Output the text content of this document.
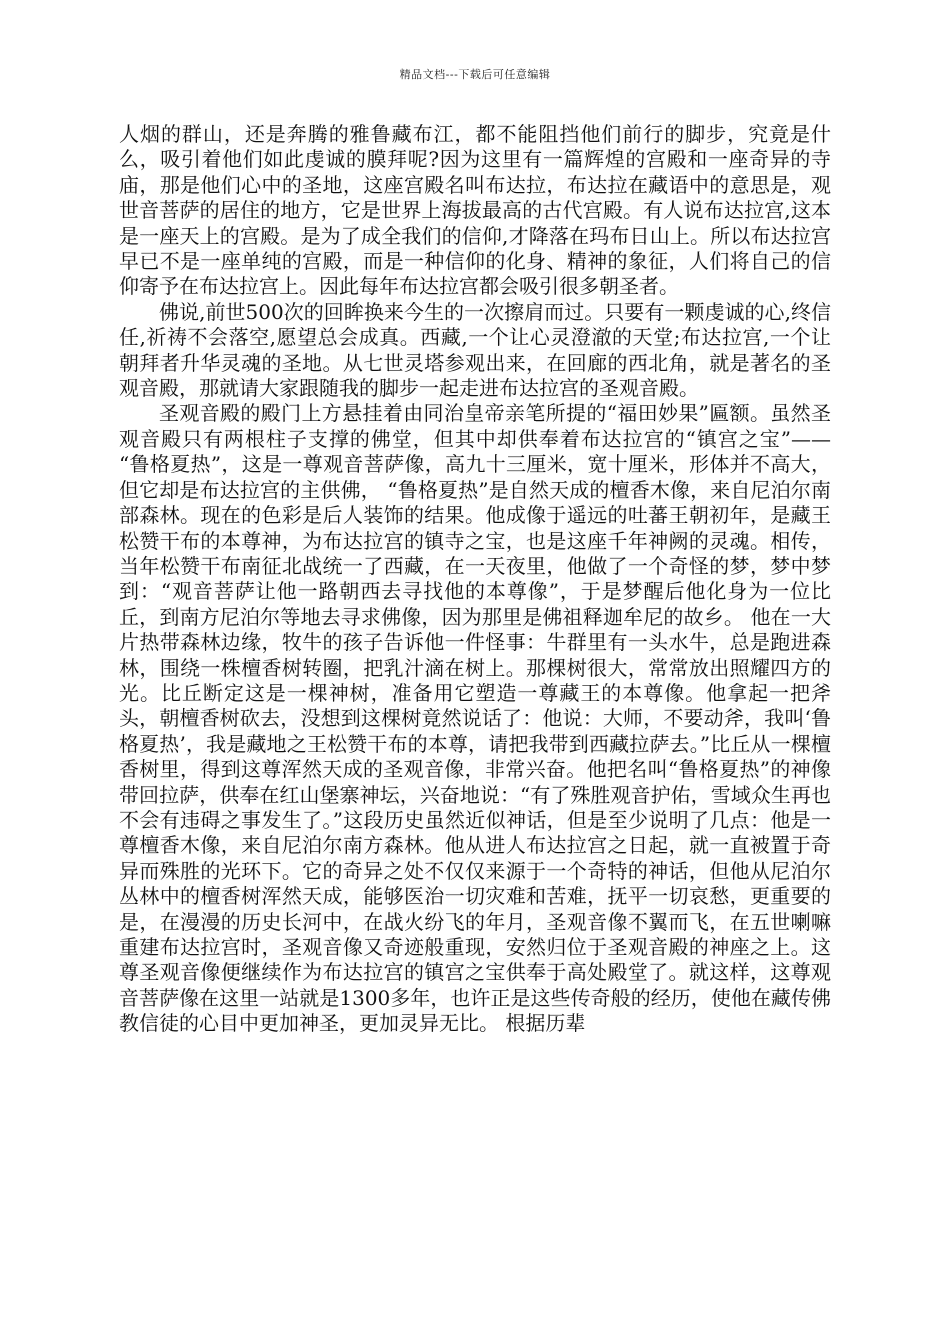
精品文档---下载后可任意编辑

人烟的群山，还是奔腾的雅鲁藏布江，都不能阻挡他们前行的脚步，究竟是什么，吸引着他们如此虔诚的膜拜呢?因为这里有一篇辉煌的宫殿和一座奇异的寺庙，那是他们心中的圣地，这座宫殿名叫布达拉，布达拉在藏语中的意思是，观世音菩萨的居住的地方，它是世界上海拔最高的古代宫殿。有人说布达拉宫,这本是一座天上的宫殿。是为了成全我们的信仰,才降落在玛布日山上。所以布达拉宫早已不是一座单纯的宫殿，而是一种信仰的化身、精神的象征，人们将自己的信仰寄予在布达拉宫上。因此每年布达拉宫都会吸引很多朝圣者。

佛说,前世500次的回眸换来今生的一次擦肩而过。只要有一颗虔诚的心,终信任,祈祷不会落空,愿望总会成真。西藏,一个让心灵澄澈的天堂;布达拉宫,一个让朝拜者升华灵魂的圣地。从七世灵塔参观出来，在回廊的西北角，就是著名的圣观音殿，那就请大家跟随我的脚步一起走进布达拉宫的圣观音殿。

圣观音殿的殿门上方悬挂着由同治皇帝亲笔所提的“福田妙果”匾额。虽然圣观音殿只有两根柱子支撑的佛堂，但其中却供奉着布达拉宫的“镇宫之宝”—— “鲁格夏热”，这是一尊观音菩萨像，高九十三厘米，宽十厘米，形体并不高大，但它却是布达拉宫的主供佛， “鲁格夏热”是自然天成的檀香木像，来自尼泊尔南部森林。现在的色彩是后人装饰的结果。他成像于遥远的吐蕃王朝初年，是藏王松赞干布的本尊神，为布达拉宫的镇寺之宝，也是这座千年神阙的灵魂。相传，当年松赞干布南征北战统一了西藏，在一天夜里，他做了一个奇怪的梦，梦中梦到：“观音菩萨让他一路朝西去寻找他的本尊像”，于是梦醒后他化身为一位比丘，到南方尼泊尔等地去寻求佛像，因为那里是佛祖释迦牟尼的故乡。 他在一大片热带森林边缘，牧牛的孩子告诉他一件怪事：牛群里有一头水牛，总是跑进森林，围绕一株檀香树转圈，把乳汁滴在树上。那棵树很大，常常放出照耀四方的光。比丘断定这是一棵神树，准备用它塑造一尊藏王的本尊像。他拿起一把斧头，朝檀香树砍去，没想到这棵树竟然说话了：他说：大师，不要动斧，我叫‘鲁格夏热’，我是藏地之王松赞干布的本尊，请把我带到西藏拉萨去。”比丘从一棵檀香树里，得到这尊浑然天成的圣观音像，非常兴奋。他把名叫“鲁格夏热”的神像带回拉萨，供奉在红山堡寨神坛，兴奋地说：“有了殊胜观音护佑，雪域众生再也不会有违碍之事发生了。”这段历史虽然近似神话，但是至少说明了几点：他是一尊檀香木像，来自尼泊尔南方森林。他从进人布达拉宫之日起，就一直被置于奇异而殊胜的光环下。它的奇异之处不仅仅来源于一个奇特的神话，但他从尼泊尔丛林中的檀香树浑然天成，能够医治一切灾难和苦难，抚平一切哀愁，更重要的是，在漫漫的历史长河中，在战火纷飞的年月，圣观音像不翼而飞，在五世喇嘛重建布达拉宫时，圣观音像又奇迹般重现，安然归位于圣观音殿的神座之上。这尊圣观音像便继续作为布达拉宫的镇宫之宝供奉于高处殿堂了。就这样，这尊观音菩萨像在这里一站就是1300多年，也许正是这些传奇般的经历，使他在藏传佛教信徒的心目中更加神圣，更加灵异无比。 根据历辈
